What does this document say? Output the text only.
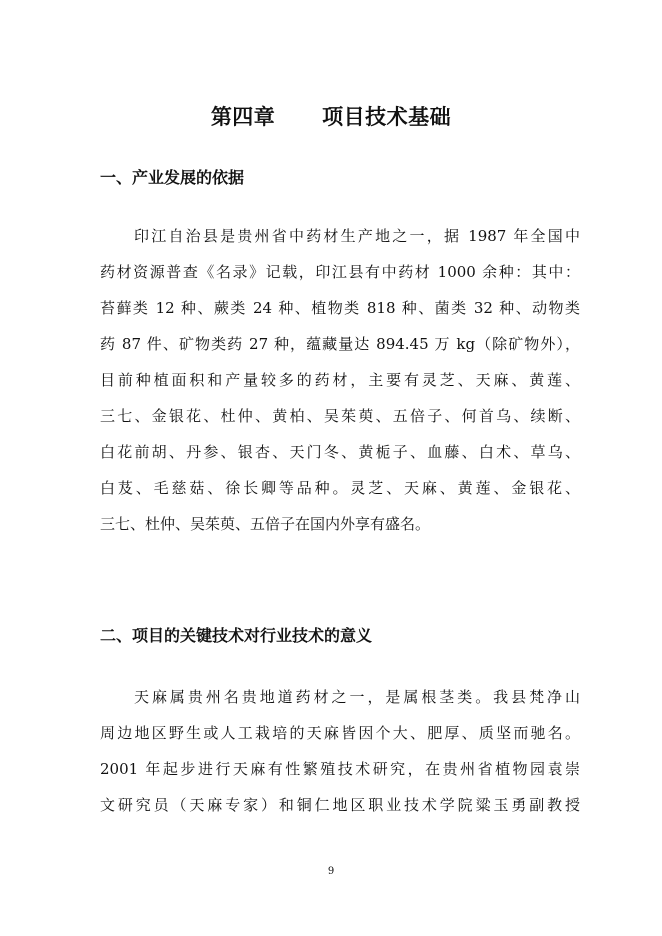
第四章      项目技术基础
一、产业发展的依据
印江自治县是贵州省中药材生产地之一，据 1987 年全国中
药材资源普查《名录》记载，印江县有中药材 1000 余种：其中：
苔藓类 12 种、蕨类 24 种、植物类 818 种、菌类 32 种、动物类
药 87 件、矿物类药 27 种，蕴藏量达 894.45 万 kg（除矿物外），
目前种植面积和产量较多的药材，主要有灵芝、天麻、黄莲、
三七、金银花、杜仲、黄柏、吴茱萸、五倍子、何首乌、续断、
白花前胡、丹参、银杏、天门冬、黄栀子、血藤、白术、草乌、
白芨、毛慈菇、徐长卿等品种。灵芝、天麻、黄莲、金银花、
三七、杜仲、吴茱萸、五倍子在国内外享有盛名。
二、项目的关键技术对行业技术的意义
天麻属贵州名贵地道药材之一，是属根茎类。我县梵净山
周边地区野生或人工栽培的天麻皆因个大、肥厚、质坚而驰名。
2001 年起步进行天麻有性繁殖技术研究，在贵州省植物园袁崇
文研究员（天麻专家）和铜仁地区职业技术学院粱玉勇副教授
9
